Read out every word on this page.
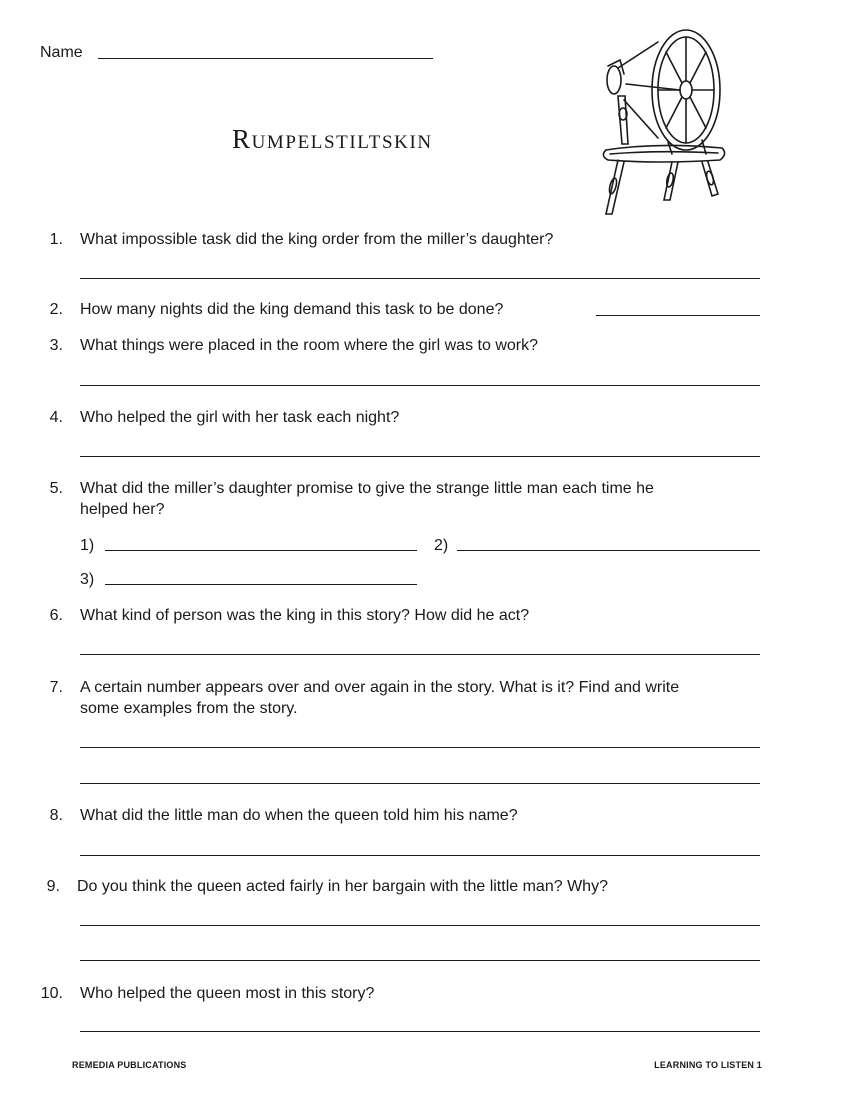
Name
Rumpelstiltskin
1. What impossible task did the king order from the miller’s daughter?
2. How many nights did the king demand this task to be done?
3. What things were placed in the room where the girl was to work?
4. Who helped the girl with her task each night?
5. What did the miller’s daughter promise to give the strange little man each time he
helped her?
1)	2)
3)
6. What kind of person was the king in this story? How did he act?
7. A certain number appears over and over again in the story. What is it? Find and write
some examples from the story.
8. What did the little man do when the queen told him his name?
9. Do you think the queen acted fairly in her bargain with the little man? Why?
10. Who helped the queen most in this story?
REMEDIA PUBLICATIONS	LEARNING TO LISTEN 1
